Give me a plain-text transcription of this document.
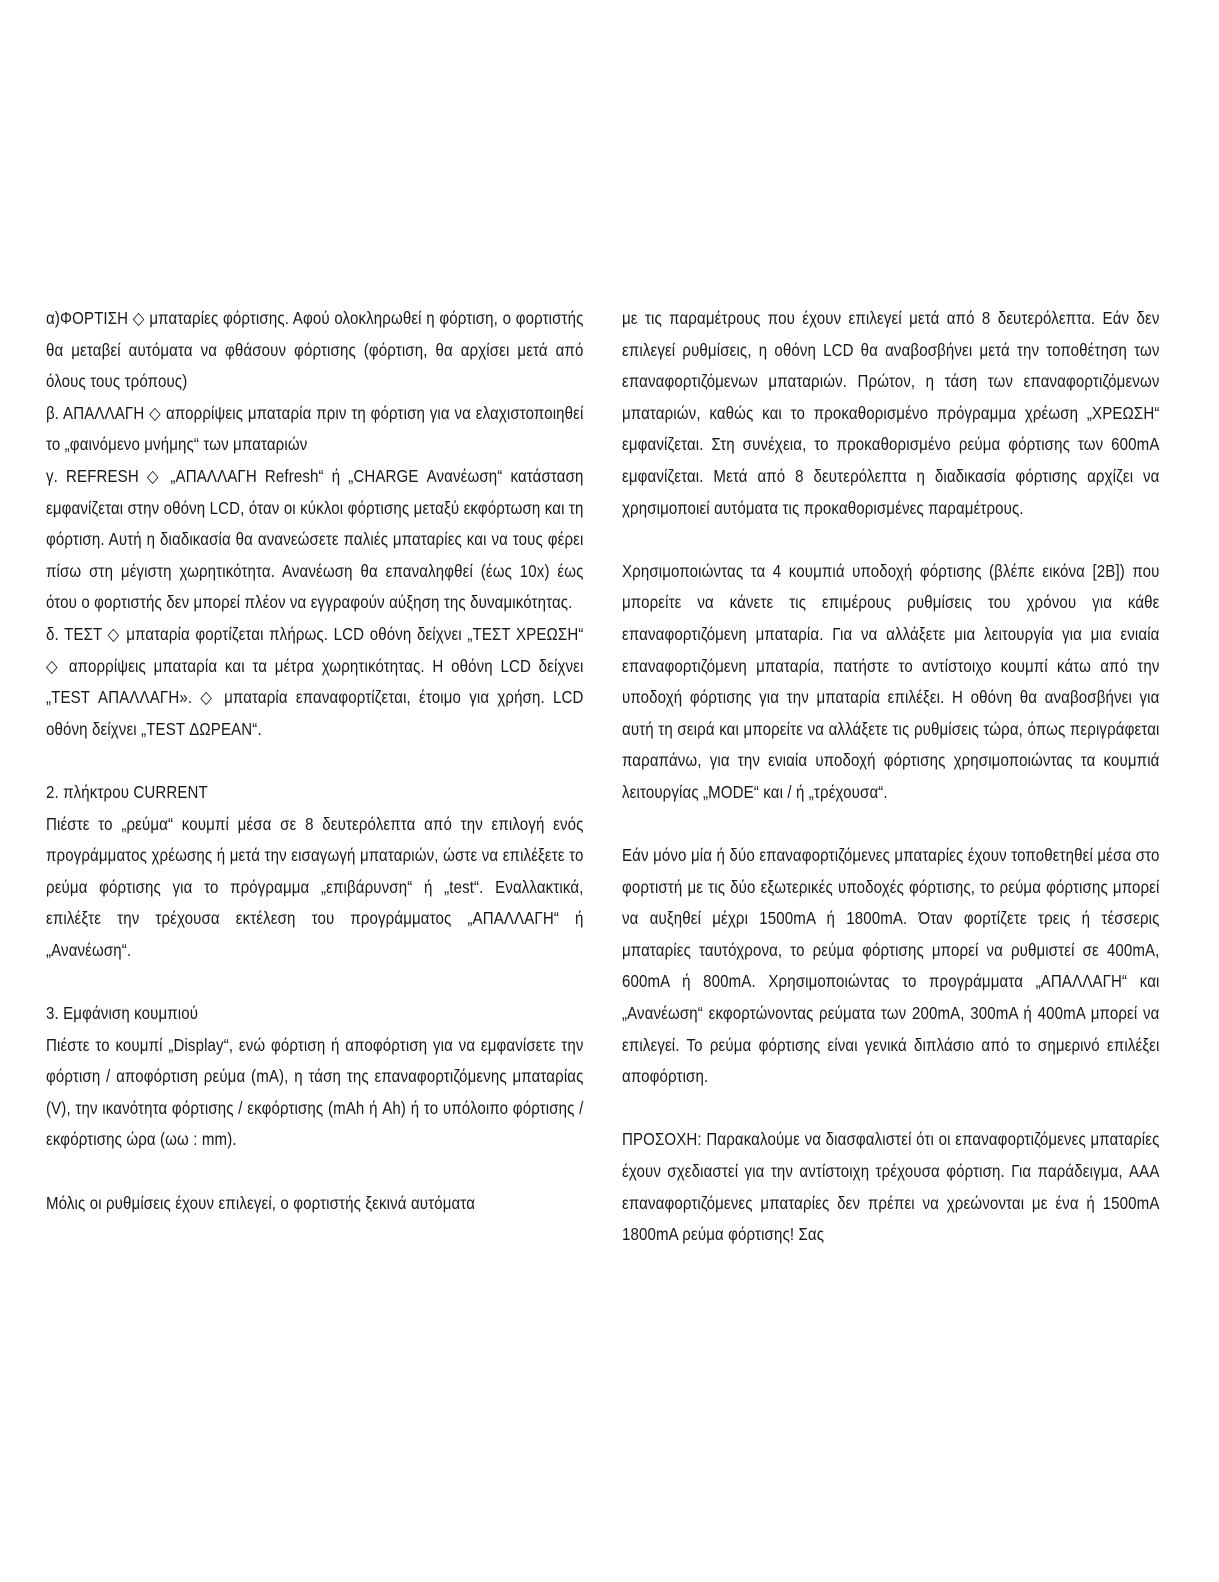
α)ΦΟΡΤΙΣΗ ◇ μπαταρίες φόρτισης. Αφού ολοκληρωθεί η φόρτιση, ο φορτιστής θα μεταβεί αυτόματα να φθάσουν φόρτισης (φόρτιση, θα αρχίσει μετά από όλους τους τρόπους)

β. ΑΠΑΛΛΑΓΗ ◇ απορρίψεις μπαταρία πριν τη φόρτιση για να ελαχιστοποιηθεί το „φαινόμενο μνήμης“ των μπαταριών

γ. REFRESH ◇ „ΑΠΑΛΛΑΓΗ Refresh“ ή „CHARGE Ανανέωση“ κατάσταση εμφανίζεται στην οθόνη LCD, όταν οι κύκλοι φόρτισης μεταξύ εκφόρτωση και τη φόρτιση. Αυτή η διαδικασία θα ανανεώσετε παλιές μπαταρίες και να τους φέρει πίσω στη μέγιστη χωρητικότητα. Ανανέωση θα επαναληφθεί (έως 10x) έως ότου ο φορτιστής δεν μπορεί πλέον να εγγραφούν αύξηση της δυναμικότητας.

δ. ΤΕΣΤ ◇ μπαταρία φορτίζεται πλήρως. LCD οθόνη δείχνει „ΤΕΣΤ ΧΡΕΩΣΗ“ ◇ απορρίψεις μπαταρία και τα μέτρα χωρητικότητας. Η οθόνη LCD δείχνει „TEST ΑΠΑΛΛΑΓΗ». ◇ μπαταρία επαναφορτίζεται, έτοιμο για χρήση. LCD οθόνη δείχνει „TEST ΔΩΡΕΑΝ“.

2. πλήκτρου CURRENT

Πιέστε το „ρεύμα“ κουμπί μέσα σε 8 δευτερόλεπτα από την επιλογή ενός προγράμματος χρέωσης ή μετά την εισαγωγή μπαταριών, ώστε να επιλέξετε το ρεύμα φόρτισης για το πρόγραμμα „επιβάρυνση“ ή „test“. Εναλλακτικά, επιλέξτε την τρέχουσα εκτέλεση του προγράμματος „ΑΠΑΛΛΑΓΗ“ ή „Ανανέωση“.

3. Εμφάνιση κουμπιού

Πιέστε το κουμπί „Display“, ενώ φόρτιση ή αποφόρτιση για να εμφανίσετε την φόρτιση / αποφόρτιση ρεύμα (mA), η τάση της επαναφορτιζόμενης μπαταρίας (V), την ικανότητα φόρτισης / εκφόρτισης (mAh ή Ah) ή το υπόλοιπο φόρτισης / εκφόρτισης ώρα (ωω : mm).

Μόλις οι ρυθμίσεις έχουν επιλεγεί, ο φορτιστής ξεκινά αυτόματα

με τις παραμέτρους που έχουν επιλεγεί μετά από 8 δευτερόλεπτα. Εάν δεν επιλεγεί ρυθμίσεις, η οθόνη LCD θα αναβοσβήνει μετά την τοποθέτηση των επαναφορτιζόμενων μπαταριών. Πρώτον, η τάση των επαναφορτιζόμενων μπαταριών, καθώς και το προκαθορισμένο πρόγραμμα χρέωση „ΧΡΕΩΣΗ“ εμφανίζεται. Στη συνέχεια, το προκαθορισμένο ρεύμα φόρτισης των 600mA εμφανίζεται. Μετά από 8 δευτερόλεπτα η διαδικασία φόρτισης αρχίζει να χρησιμοποιεί αυτόματα τις προκαθορισμένες παραμέτρους.

Χρησιμοποιώντας τα 4 κουμπιά υποδοχή φόρτισης (βλέπε εικόνα [2B]) που μπορείτε να κάνετε τις επιμέρους ρυθμίσεις του χρόνου για κάθε επαναφορτιζόμενη μπαταρία. Για να αλλάξετε μια λειτουργία για μια ενιαία επαναφορτιζόμενη μπαταρία, πατήστε το αντίστοιχο κουμπί κάτω από την υποδοχή φόρτισης για την μπαταρία επιλέξει. Η οθόνη θα αναβοσβήνει για αυτή τη σειρά και μπορείτε να αλλάξετε τις ρυθμίσεις τώρα, όπως περιγράφεται παραπάνω, για την ενιαία υποδοχή φόρτισης χρησιμοποιώντας τα κουμπιά λειτουργίας „MODE“ και / ή „τρέχουσα“.

Εάν μόνο μία ή δύο επαναφορτιζόμενες μπαταρίες έχουν τοποθετηθεί μέσα στο φορτιστή με τις δύο εξωτερικές υποδοχές φόρτισης, το ρεύμα φόρτισης μπορεί να αυξηθεί μέχρι 1500mA ή 1800mA. Όταν φορτίζετε τρεις ή τέσσερις μπαταρίες ταυτόχρονα, το ρεύμα φόρτισης μπορεί να ρυθμιστεί σε 400mA, 600mA ή 800mA. Χρησιμοποιώντας το προγράμματα „ΑΠΑΛΛΑΓΗ“ και „Ανανέωση“ εκφορτώνοντας ρεύματα των 200mA, 300mA ή 400mA μπορεί να επιλεγεί. Το ρεύμα φόρτισης είναι γενικά διπλάσιο από το σημερινό επιλέξει αποφόρτιση.

ΠΡΟΣΟΧΗ: Παρακαλούμε να διασφαλιστεί ότι οι επαναφορτιζόμενες μπαταρίες έχουν σχεδιαστεί για την αντίστοιχη τρέχουσα φόρτιση. Για παράδειγμα, AAA επαναφορτιζόμενες μπαταρίες δεν πρέπει να χρεώνονται με ένα ή 1500mA 1800mA ρεύμα φόρτισης! Σας
